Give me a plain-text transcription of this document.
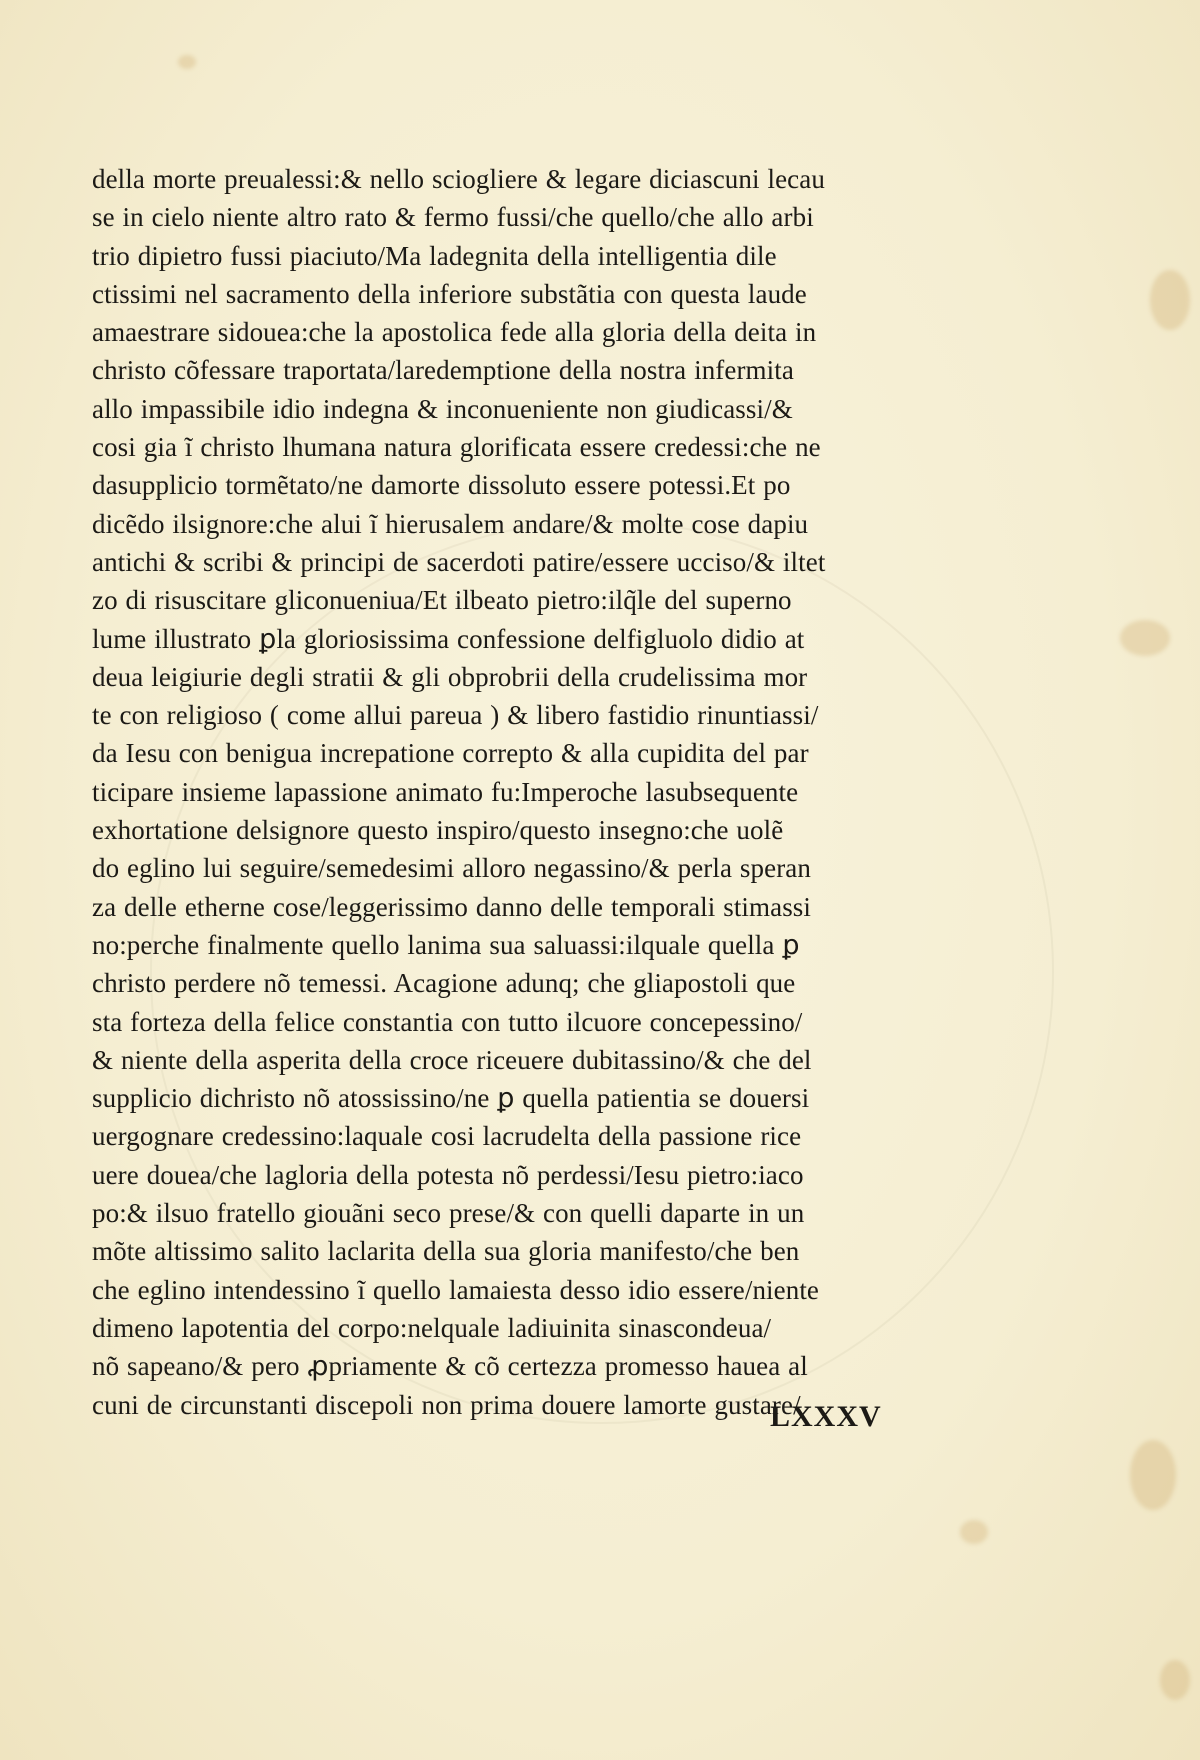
della morte preualessi:& nello sciogliere & legare diciascuni lecau
se in cielo niente altro rato & fermo fussi/che quello/che allo arbi
trio dipietro fussi piaciuto/Ma ladegnita della intelligentia dile
ctissimi nel sacramento della inferiore substãtia con questa laude
amaestrare sidouea:che la apostolica fede alla gloria della deita in
christo cõfessare traportata/laredemptione della nostra infermita
allo impassibile idio indegna & inconueniente non giudicassi/&
cosi gia ĩ christo lhumana natura glorificata essere credessi:che ne
dasupplicio tormẽtato/ne damorte dissoluto essere potessi.Et po
dicẽdo ilsignore:che alui ĩ hierusalem andare/& molte cose dapiu
antichi & scribi & principi de sacerdoti patire/essere ucciso/& iltet
zo di risuscitare gliconueniua/Et ilbeato pietro:ilq̃le del superno
lume illustrato ꝑla gloriosissima confessione delfigluolo didio at
deua leigiurie degli stratii & gli obprobrii della crudelissima mor
te con religioso ( come allui pareua ) & libero fastidio rinuntiassi/
da Iesu con benigua increpatione correpto & alla cupidita del par
ticipare insieme lapassione animato fu:Imperoche lasubsequente
exhortatione delsignore questo inspiro/questo insegno:che uolẽ
do eglino lui seguire/semedesimi alloro negassino/& perla speran
za delle etherne cose/leggerissimo danno delle temporali stimassi
no:perche finalmente quello lanima sua saluassi:ilquale quella ꝑ
christo perdere nõ temessi. Acagione adunq; che gliapostoli que
sta forteza della felice constantia con tutto ilcuore concepessino/
& niente della asperita della croce riceuere dubitassino/& che del
supplicio dichristo nõ atossissino/ne ꝑ quella patientia se douersi
uergognare credessino:laquale cosi lacrudelta della passione rice
uere douea/che lagloria della potesta nõ perdessi/Iesu pietro:iaco
po:& ilsuo fratello giouãni seco prese/& con quelli daparte in un
mõte altissimo salito laclarita della sua gloria manifesto/che ben
che eglino intendessino ĩ quello lamaiesta desso idio essere/niente
dimeno lapotentia del corpo:nelquale ladiuinita sinascondeua/
nõ sapeano/& pero ꝓpriamente & cõ certezza promesso hauea al
cuni de circunstanti discepoli non prima douere lamorte gustare/
LXXXV
